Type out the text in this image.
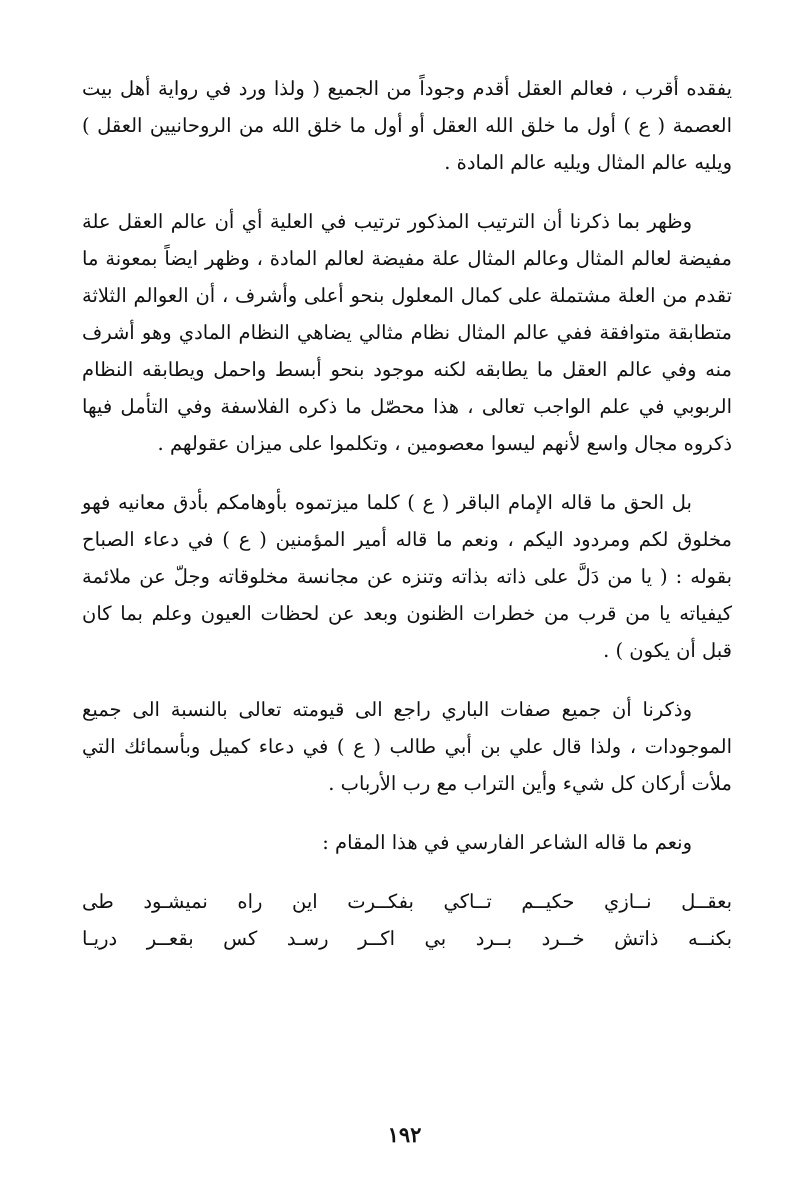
يفقده أقرب ، فعالم العقل أقدم وجوداً من الجميع ( ولذا ورد في رواية أهل بيت العصمة ( ع ) أول ما خلق الله العقل أو أول ما خلق الله من الروحانيين العقل ) ويليه عالم المثال ويليه عالم المادة .

وظهر بما ذكرنا أن الترتيب المذكور ترتيب في العلية أي أن عالم العقل علة مفيضة لعالم المثال وعالم المثال علة مفيضة لعالم المادة ، وظهر ايضاً بمعونة ما تقدم من العلة مشتملة على كمال المعلول بنحو أعلى وأشرف ، أن العوالم الثلاثة متطابقة متوافقة ففي عالم المثال نظام مثالي يضاهي النظام المادي وهو أشرف منه وفي عالم العقل ما يطابقه لكنه موجود بنحو أبسط واحمل ويطابقه النظام الربوبي في علم الواجب تعالى ، هذا محصّل ما ذكره الفلاسفة وفي التأمل فيها ذكروه مجال واسع لأنهم ليسوا معصومين ، وتكلموا على ميزان عقولهم .

بل الحق ما قاله الإمام الباقر ( ع ) كلما ميزتموه بأوهامكم بأدق معانيه فهو مخلوق لكم ومردود اليكم ، ونعم ما قاله أمير المؤمنين ( ع ) في دعاء الصباح بقوله : ( يا من دَلَّ على ذاته بذاته وتنزه عن مجانسة مخلوقاته وجلّ عن ملائمة كيفياته يا من قرب من خطرات الظنون وبعد عن لحظات العيون وعلم بما كان قبل أن يكون ) .

وذكرنا أن جميع صفات الباري راجع الى قيومته تعالى بالنسبة الى جميع الموجودات ، ولذا قال علي بن أبي طالب ( ع ) في دعاء كميل وبأسمائك التي ملأت أركان كل شيء وأين التراب مع رب الأرباب .

ونعم ما قاله الشاعر الفارسي في هذا المقام :

بعقــل نــازي حكيــم تــاكي بفكــرت اين راه نميشـود طى
بكنــه ذاتش خــرد بــرد بي اكــر رسـد كس بقعــر دريـا
١٩٢
